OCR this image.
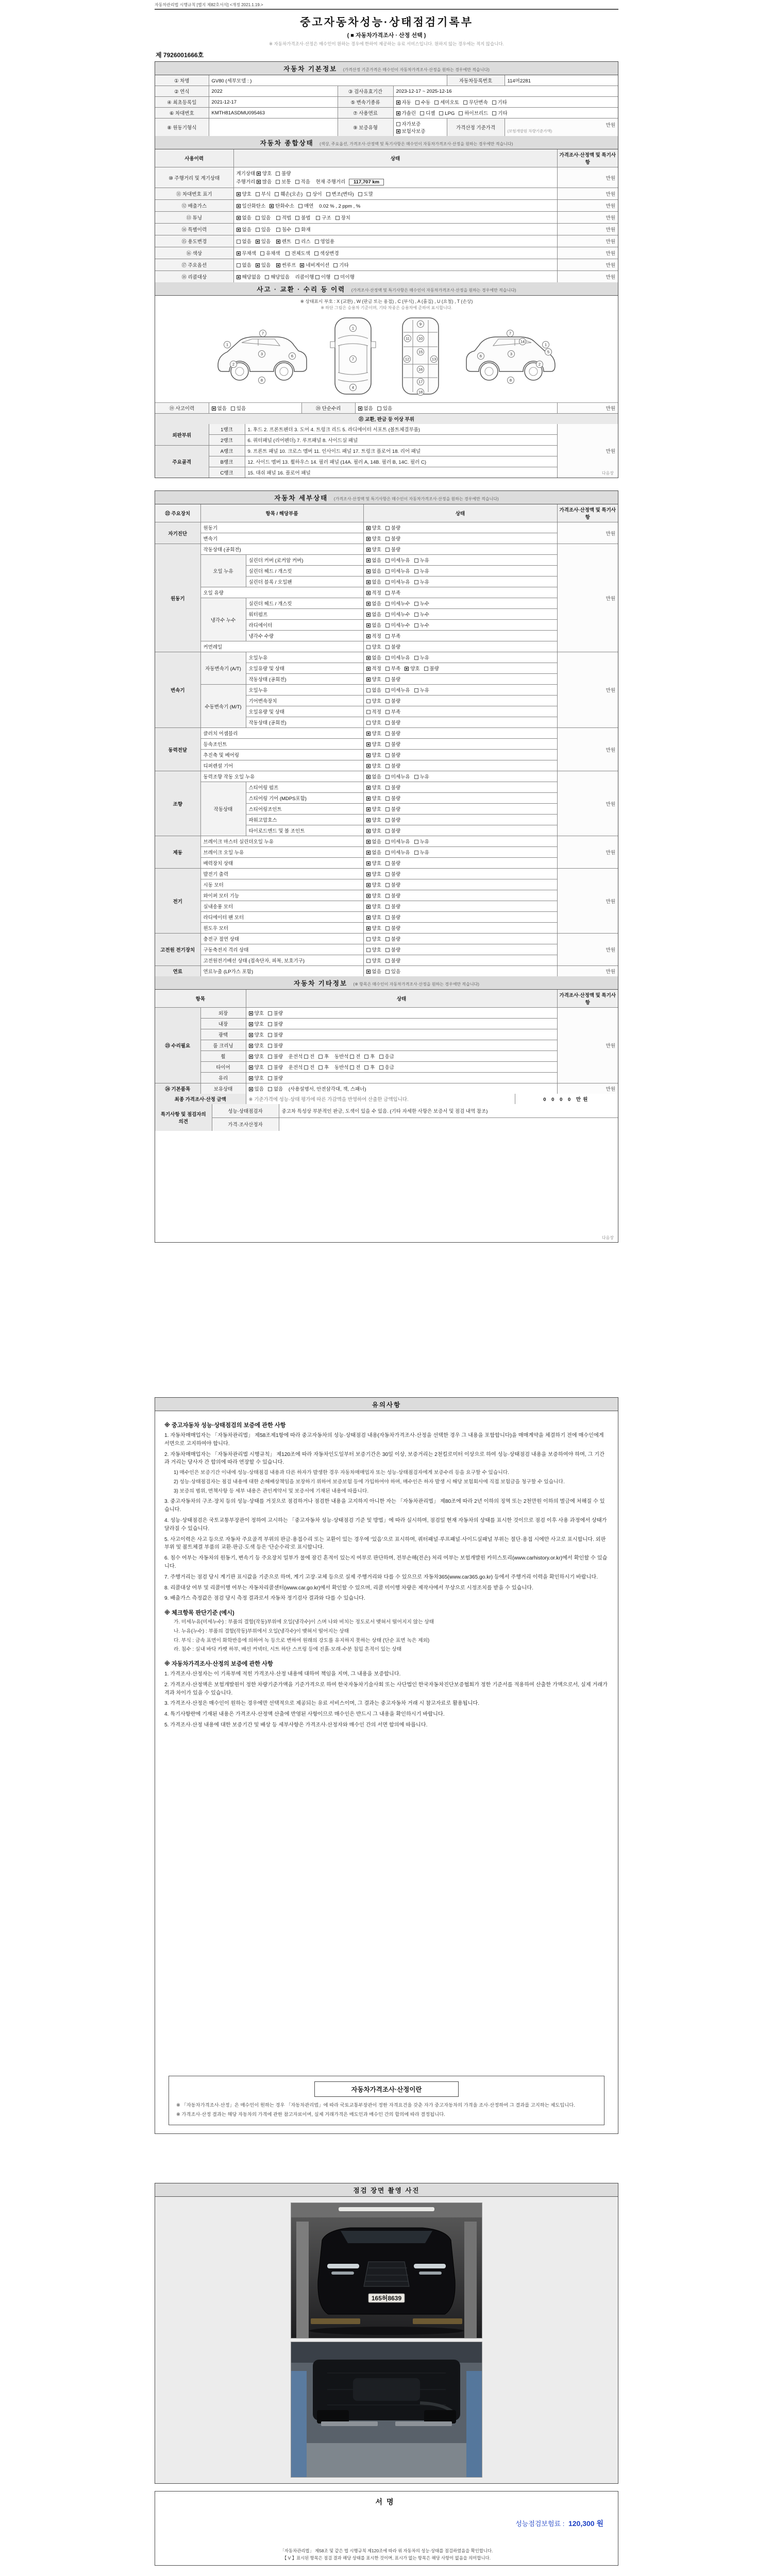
자동차관리법 시행규칙 [별지 제82호서식] <개정 2021.1.19.>
중고자동차성능·상태점검기록부
( ■ 자동차가격조사 · 산정 선택 )
※ 자동차가격조사·산정은 매수인이 원하는 경우에 한하여 제공하는 유료 서비스입니다. 원하지 않는 경우에는 적지 않습니다.
제 7926001666호
자동차 기본정보 (가격산정 기준가격은 매수인이 자동차가격조사·산정을 원하는 경우에만 적습니다)
① 차명	GV80 (세부모델 : )			자동차등록번호	114머2281
② 연식	2022	③ 검사유효기간	2023-12-17 ~ 2025-12-16		
④ 최초등록일	2021-12-17	⑤ 변속기종류	자동 수동 세미오토 무단변속 기타		
⑥ 차대번호	KMTH81ASDMU095463	⑦ 사용연료	가솔린 디젤 LPG 하이브리드 기타		
⑧ 원동기형식		⑨ 보증유형	자가보증보험사보증	가격산정 기준가격	만원
(보험개발원 차량기준가액)
자동차 종합상태 (색상, 주요옵션, 가격조사·산정액 및 특기사항은 매수인이 자동차가격조사·산정을 원하는 경우에만 적습니다)
사용이력	상태	가격조사·산정액 및 특기사항
⑩ 주행거리 및 계기상태	계기상태 양호 불량
주행거리 많음 보통 적음 현재 주행거리 117,707 km	만원
⑪ 차대번호 표기	양호 부식 훼손(오손) 상이 변조(변타) 도말	만원
⑫ 배출가스	일산화탄소 탄화수소 매연 0.02 % , 2 ppm , %	만원
⑬ 튜닝	없음 있음 적법 불법 구조 장치	만원
⑭ 특별이력	없음 있음 침수 화재	만원
⑮ 용도변경	없음 있음 렌트 리스 영업용	만원
⑯ 색상	무채색 유채색 전체도색 색상변경	만원
⑰ 주요옵션	없음 있음 썬루프 네비게이션 기타	만원
⑱ 리콜대상	해당없음 해당있음 리콜이행 이행 미이행	만원
사고 · 교환 · 수리 등 이력 (가격조사·산정액 및 특기사항은 매수인이 자동차가격조사·산정을 원하는 경우에만 적습니다)
※ 상태표시 부호 : X (교환) , W (판금 또는 용접) , C (부식) , A (흠집) , U (요철) , T (손상)
※ 하단 그림은 승용차 기준이며, 기타 차종은 승용차에 준하여 표시합니다.
1
2
3
7
6
8
1
7
4
9
11 10
15
12	13
16
17
18
1
2
3
7
5
6
8
14
⑲ 사고이력	없음 있음	⑳ 단순수리	없음 있음	만원
㉑ 교환, 판금 등 이상 부위
외판부위	1랭크	1. 후드 2. 프론트펜더 3. 도어 4. 트렁크 리드 5. 라디에이터 서포트 (볼트체결부품)	만원
	2랭크	6. 쿼터패널 (리어펜더) 7. 루프패널 8. 사이드실 패널	
주요골격	A랭크	9. 프론트 패널 10. 크로스 멤버 11. 인사이드 패널 17. 트렁크 플로어 18. 리어 패널	
	B랭크	12. 사이드 멤버 13. 휠하우스 14. 필러 패널 (14A. 필러 A, 14B. 필러 B, 14C. 필러 C)	
	C랭크	15. 대쉬 패널 16. 플로어 패널		다음장
자동차 세부상태 (가격조사·산정액 및 특기사항은 매수인이 자동차가격조사·산정을 원하는 경우에만 적습니다)
㉒ 주요장치	항목 / 해당부품		상태	가격조사·산정액 및 특기사항
자기진단	원동기		양호 불량	만원
	변속기		양호 불량	
원동기	작동상태 (공회전)		양호 불량	만원
	오일 누유	실린더 커버 (로커암 커버)	없음 미세누유 누유	
		실린더 헤드 / 개스킷	없음 미세누유 누유	
		실린더 블록 / 오일팬	없음 미세누유 누유	
	오일 유량		적정 부족	
	냉각수 누수	실린더 헤드 / 개스킷	없음 미세누수 누수	
		워터펌프	없음 미세누수 누수	
		라디에이터	없음 미세누수 누수	
		냉각수 수량	적정 부족	
	커먼레일		양호 불량	
변속기	자동변속기 (A/T)	오일누유	없음 미세누유 누유	만원
		오일유량 및 상태	적정 부족 양호 불량	
		작동상태 (공회전)	양호 불량	
	수동변속기 (M/T)	오일누유	없음 미세누유 누유	
		기어변속장치	양호 불량	
		오일유량 및 상태	적정 부족	
		작동상태 (공회전)	양호 불량	
동력전달	클러치 어셈블리		양호 불량	만원
	등속조인트		양호 불량	
	추진축 및 베어링		양호 불량	
	디퍼렌셜 기어		양호 불량	
조향	동력조향 작동 오일 누유		없음 미세누유 누유	만원
	작동상태	스티어링 펌프	양호 불량	
		스티어링 기어 (MDPS포함)	양호 불량	
		스티어링조인트	양호 불량	
		파워고압호스	양호 불량	
		타이로드엔드 및 볼 조인트	양호 불량	
제동	브레이크 마스터 실린더오일 누유		없음 미세누유 누유	만원
	브레이크 오일 누유		없음 미세누유 누유	
	배력장치 상태		양호 불량	
전기	발전기 출력		양호 불량	만원
	시동 모터		양호 불량	
	와이퍼 모터 기능		양호 불량	
	실내송풍 모터		양호 불량	
	라디에이터 팬 모터		양호 불량	
	윈도우 모터		양호 불량	
고전원 전기장치	충전구 절연 상태		양호 불량	만원
	구동축전지 격리 상태		양호 불량	
	고전원전기배선 상태 (접속단자, 피복, 보호기구)		양호 불량	
연료	연료누출 (LP가스 포함)		없음 있음	만원
자동차 기타정보 (※ 항목은 매수인이 자동차가격조사·산정을 원하는 경우에만 적습니다)
항목		상태	가격조사·산정액 및 특기사항
㉓ 수리필요	외장	양호 불량	만원
	내장	양호 불량	
	광택	양호 불량	
	룸 크리닝	양호 불량	
	휠	양호 불량 운전석 전 후 동반석 전 후 응급	
	타이어	양호 불량 운전석 전 후 동반석 전 후 응급	
	유리	양호 불량	
㉔ 기본품목	보유상태	있음 없음 (사용설명서, 안전삼각대, 잭, 스패너)	만원
최종 가격조사·산정 금액	※ 기준가격에 성능·상태 평가에 따른 가감액을 반영하여 산출한 금액입니다.	0 0 0 0 만원
특기사항 및 점검자의 의견	성능·상태점검자	중고차 특성상 부분적인 판금, 도색이 있을 수 있음. (기타 자세한 사항은 보증서 및 점검 내역 참조)
	가격·조사산정자	
다음장
유의사항
※ 중고자동차 성능·상태점검의 보증에 관한 사항
1. 자동차매매업자는 「자동차관리법」 제58조제1항에 따라 중고자동차의 성능·상태점검 내용(자동차가격조사·산정을 선택한 경우 그 내용을 포함합니다)을 매매계약을 체결하기 전에 매수인에게 서면으로 고지하여야 합니다.
2. 자동차매매업자는 「자동차관리법 시행규칙」 제120조에 따라 자동차인도일부터 보증기간은 30일 이상, 보증거리는 2천킬로미터 이상으로 하여 성능·상태점검 내용을 보증하여야 하며, 그 기간과 거리는 당사자 간 합의에 따라 연장할 수 있습니다.
1) 매수인은 보증기간 이내에 성능·상태점검 내용과 다른 하자가 발생한 경우 자동차매매업자 또는 성능·상태점검자에게 보증수리 등을 요구할 수 있습니다.
2) 성능·상태점검자는 점검 내용에 대한 손해배상책임을 보장하기 위하여 보증보험 등에 가입하여야 하며, 매수인은 하자 발생 시 해당 보험회사에 직접 보험금을 청구할 수 있습니다.
3) 보증의 범위, 면책사항 등 세부 내용은 관인계약서 및 보증서에 기재된 내용에 따릅니다.
3. 중고자동차의 구조·장치 등의 성능·상태를 거짓으로 점검하거나 점검한 내용을 고지하지 아니한 자는 「자동차관리법」 제80조에 따라 2년 이하의 징역 또는 2천만원 이하의 벌금에 처해질 수 있습니다.
4. 성능·상태점검은 국토교통부장관이 정하여 고시하는 「중고자동차 성능·상태점검 기준 및 방법」에 따라 실시하며, 점검일 현재 자동차의 상태를 표시한 것이므로 점검 이후 사용 과정에서 상태가 달라질 수 있습니다.
5. 사고이력은 사고 등으로 자동차 주요골격 부위의 판금·용접수리 또는 교환이 있는 경우에 ‘있음’으로 표시하며, 쿼터패널·루프패널·사이드실패널 부위는 절단·용접 시에만 사고로 표시합니다. 외판부위 및 볼트체결 부품의 교환·판금·도색 등은 ‘단순수리’로 표시합니다.
6. 침수 여부는 자동차의 원동기, 변속기 등 주요장치 일부가 물에 잠긴 흔적이 있는지 여부로 판단하며, 전부손해(전손) 처리 여부는 보험개발원 카히스토리(www.carhistory.or.kr)에서 확인할 수 있습니다.
7. 주행거리는 점검 당시 계기판 표시값을 기준으로 하며, 계기 고장·교체 등으로 실제 주행거리와 다를 수 있으므로 자동차365(www.car365.go.kr) 등에서 주행거리 이력을 확인하시기 바랍니다.
8. 리콜대상 여부 및 리콜이행 여부는 자동차리콜센터(www.car.go.kr)에서 확인할 수 있으며, 리콜 미이행 차량은 제작사에서 무상으로 시정조치를 받을 수 있습니다.
9. 배출가스 측정값은 점검 당시 측정 결과로서 자동차 정기검사 결과와 다를 수 있습니다.
※ 체크항목 판단기준 (예시)
가. 미세누유(미세누수) : 부품의 결합(작동)부위에 오일(냉각수)이 스며 나와 비치는 정도로서 맺혀서 떨어지지 않는 상태
나. 누유(누수) : 부품의 결합(작동)부위에서 오일(냉각수)이 맺혀서 떨어지는 상태
다. 부식 : 금속 표면이 화학반응에 의하여 녹 등으로 변하여 원래의 강도를 유지하지 못하는 상태 (단순 표면 녹은 제외)
라. 침수 : 실내 바닥 카펫 하부, 배선 커넥터, 시트 하단 스프링 등에 진흙·모래·수분 침입 흔적이 있는 상태
※ 자동차가격조사·산정의 보증에 관한 사항
1. 가격조사·산정자는 이 기록부에 적힌 가격조사·산정 내용에 대하여 책임을 지며, 그 내용을 보증합니다.
2. 가격조사·산정액은 보험개발원이 정한 차량기준가액을 기준가격으로 하여 한국자동차기술사회 또는 사단법인 한국자동차진단보증협회가 정한 기준서를 적용하여 산출한 가액으로서, 실제 거래가격과 차이가 있을 수 있습니다.
3. 가격조사·산정은 매수인이 원하는 경우에만 선택적으로 제공되는 유료 서비스이며, 그 결과는 중고자동차 거래 시 참고자료로 활용됩니다.
4. 특기사항란에 기재된 내용은 가격조사·산정액 산출에 반영된 사항이므로 매수인은 반드시 그 내용을 확인하시기 바랍니다.
5. 가격조사·산정 내용에 대한 보증기간 및 배상 등 세부사항은 가격조사·산정자와 매수인 간의 서면 합의에 따릅니다.
자동차가격조사·산정이란
※ 「자동차가격조사·산정」은 매수인이 원하는 경우 「자동차관리법」에 따라 국토교통부장관이 정한 자격요건을 갖춘 자가 중고자동차의 가격을 조사·산정하여 그 결과를 고지하는 제도입니다.
※ 가격조사·산정 결과는 해당 자동차의 가격에 관한 참고자료이며, 실제 거래가격은 매도인과 매수인 간의 합의에 따라 결정됩니다.
점검 장면 촬영 사진
165허8639
서명
성능점검보험료 : 120,300 원
「자동차관리법」 제58조 및 같은 법 시행규칙 제120조에 따라 위 자동차의 성능·상태를 점검하였음을 확인합니다.
【 V 】표시된 항목은 점검 결과 해당 상태를 표시한 것이며, 표시가 없는 항목은 해당 사항이 없음을 의미합니다.
